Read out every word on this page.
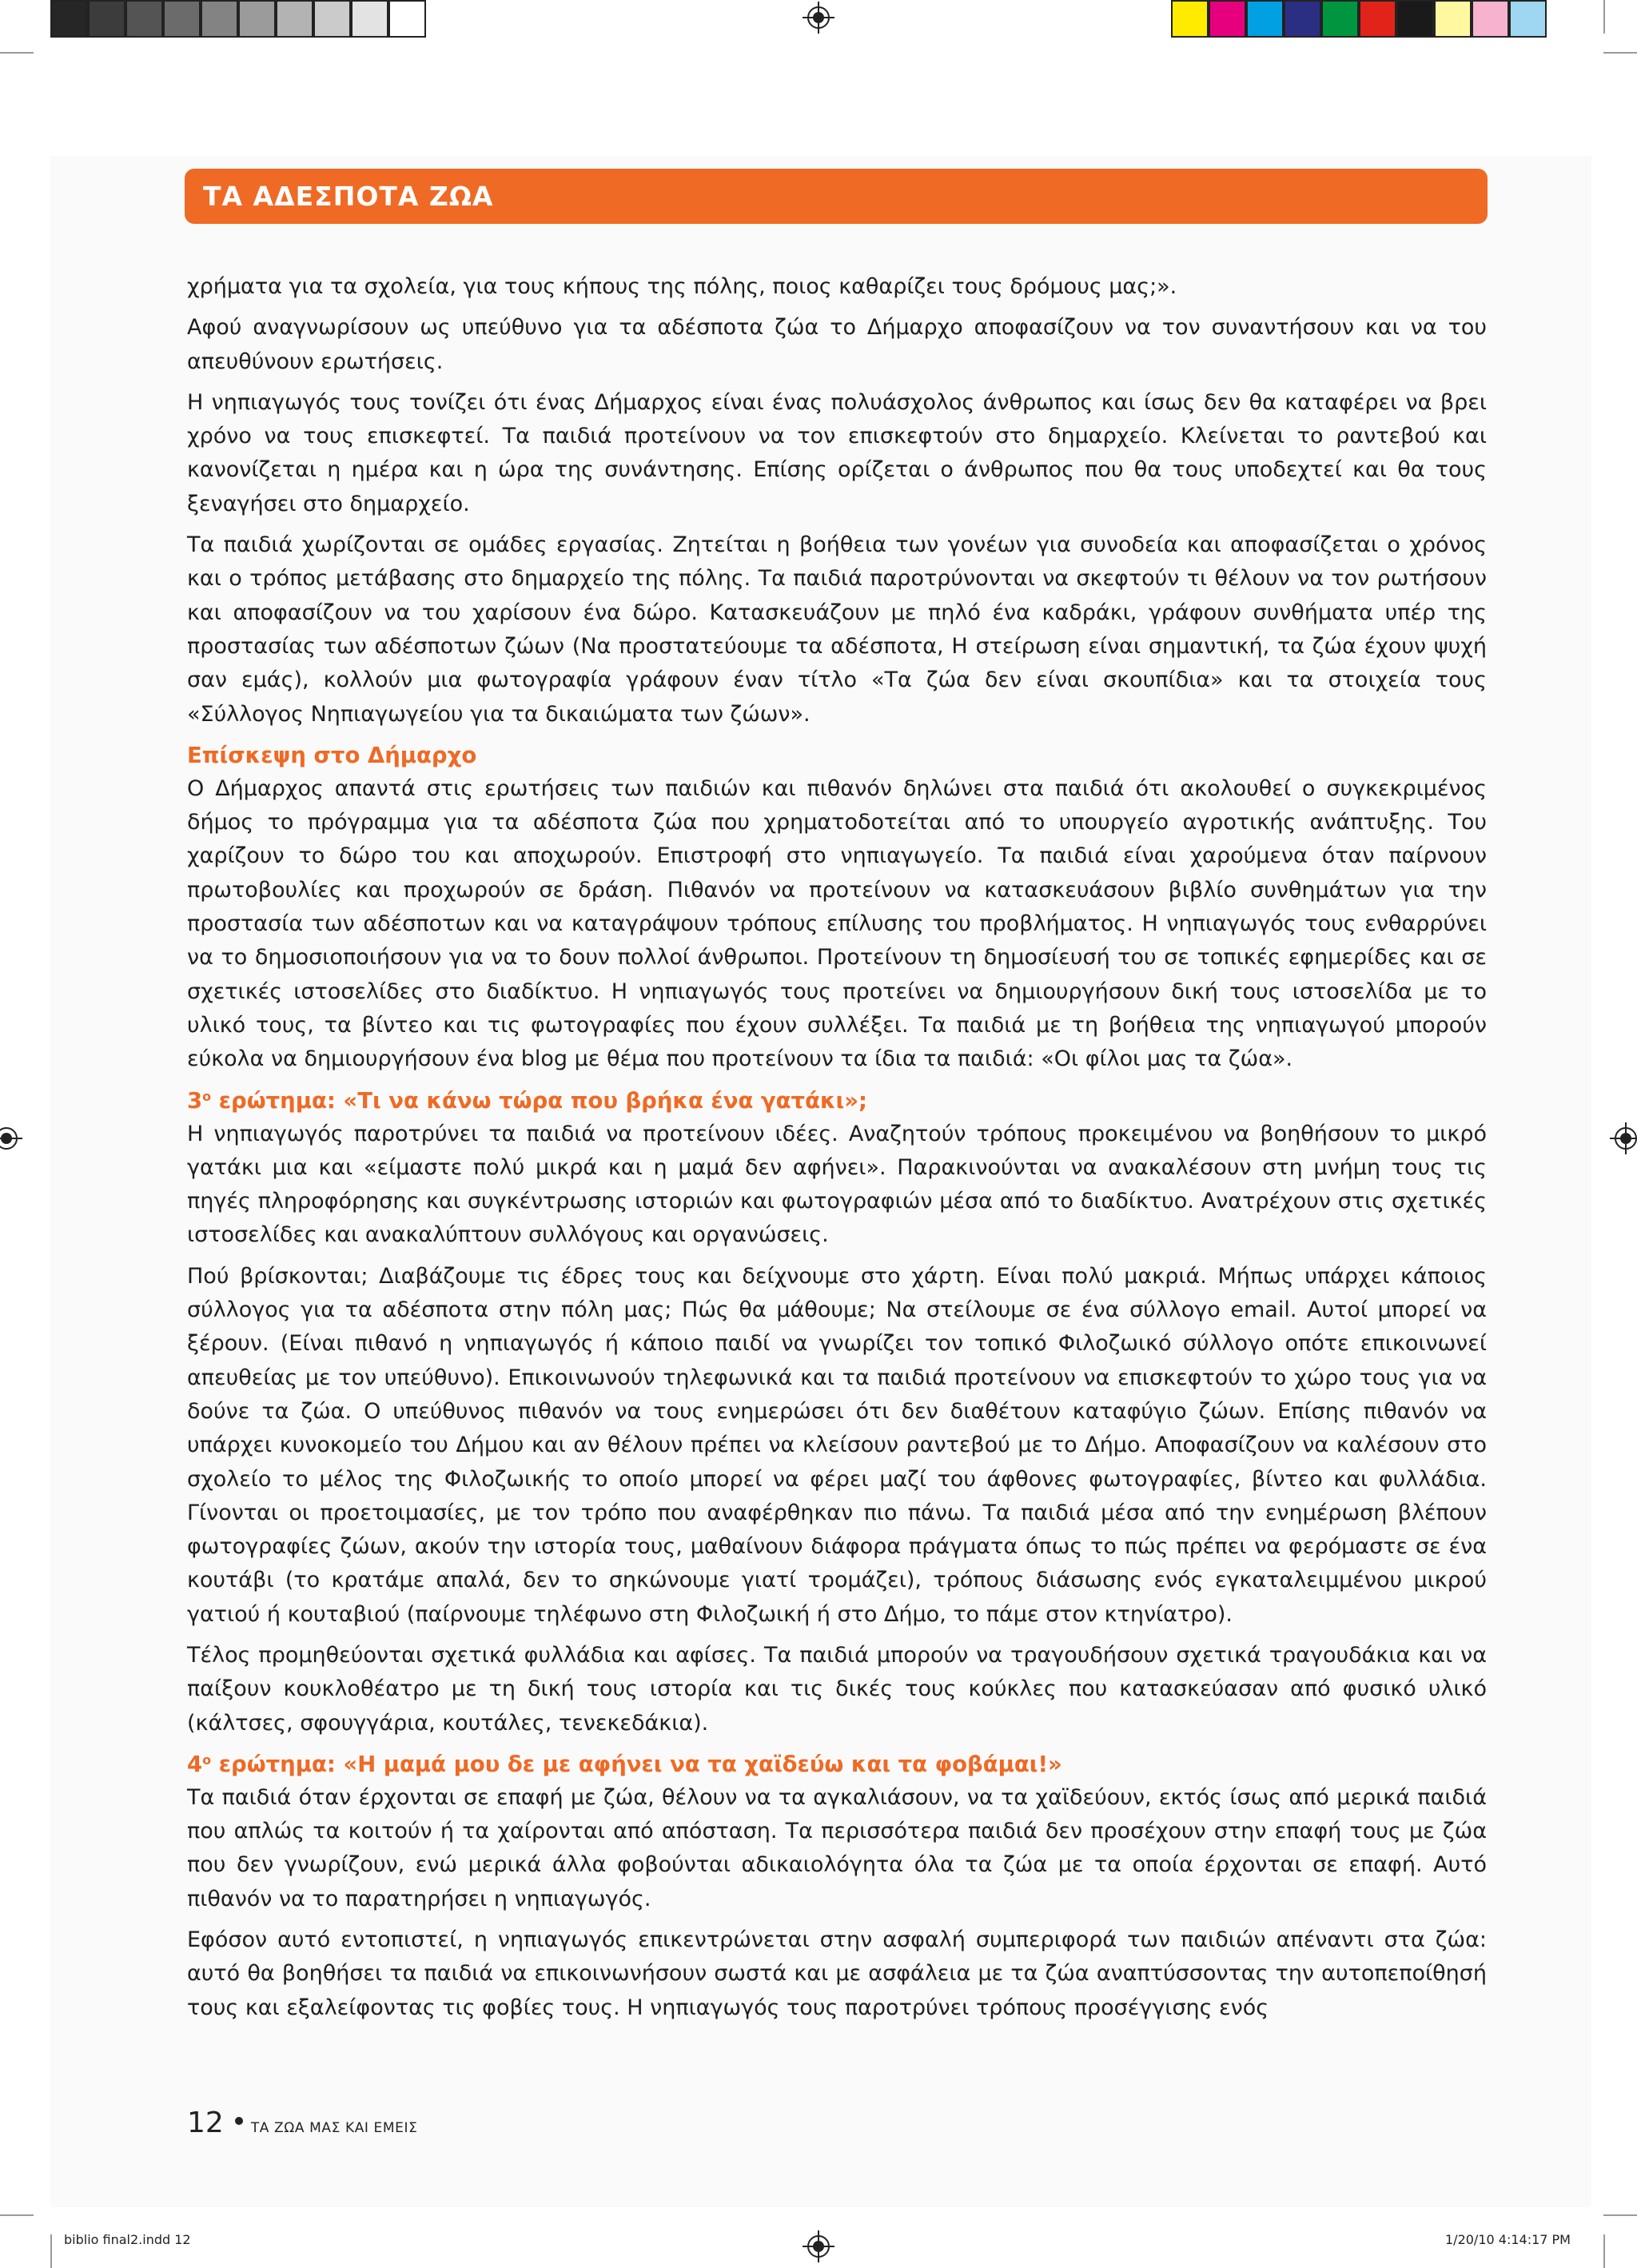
ΤΑ ΑΔΕΣΠΟΤΑ ΖΩΑ

χρήματα για τα σχολεία, για τους κήπους της πόλης, ποιος καθαρίζει τους δρόμους μας;».

Αφού αναγνωρίσουν ως υπεύθυνο για τα αδέσποτα ζώα το Δήμαρχο αποφασίζουν να τον συναντήσουν και να του απευθύνουν ερωτήσεις.

Η νηπιαγωγός τους τονίζει ότι ένας Δήμαρχος είναι ένας πολυάσχολος άνθρωπος και ίσως δεν θα καταφέρει να βρει χρόνο να τους επισκεφτεί. Τα παιδιά προτείνουν να τον επισκεφτούν στο δημαρχείο. Κλείνεται το ραντεβού και κανονίζεται η ημέρα και η ώρα της συνάντησης. Επίσης ορίζεται ο άνθρωπος που θα τους υποδεχτεί και θα τους ξεναγήσει στο δημαρχείο.

Τα παιδιά χωρίζονται σε ομάδες εργασίας. Ζητείται η βοήθεια των γονέων για συνοδεία και αποφασίζεται ο χρόνος και ο τρόπος μετάβασης στο δημαρχείο της πόλης. Τα παιδιά παροτρύνονται να σκεφτούν τι θέλουν να τον ρωτήσουν και αποφασίζουν να του χαρίσουν ένα δώρο. Κατασκευάζουν με πηλό ένα καδράκι, γράφουν συνθήματα υπέρ της προστασίας των αδέσποτων ζώων (Να προστατεύουμε τα αδέσποτα, Η στείρωση είναι σημαντική, τα ζώα έχουν ψυχή σαν εμάς), κολλούν μια φωτογραφία γράφουν έναν τίτλο «Τα ζώα δεν είναι σκουπίδια» και τα στοιχεία τους «Σύλλογος Νηπιαγωγείου για τα δικαιώματα των ζώων».

Επίσκεψη στο Δήμαρχο

Ο Δήμαρχος απαντά στις ερωτήσεις των παιδιών και πιθανόν δηλώνει στα παιδιά ότι ακολουθεί ο συγκεκριμένος δήμος το πρόγραμμα για τα αδέσποτα ζώα που χρηματοδοτείται από το υπουργείο αγροτικής ανάπτυξης. Του χαρίζουν το δώρο του και αποχωρούν. Επιστροφή στο νηπιαγωγείο. Τα παιδιά είναι χαρούμενα όταν παίρνουν πρωτοβουλίες και προχωρούν σε δράση. Πιθανόν να προτείνουν να κατασκευάσουν βιβλίο συνθημάτων για την προστασία των αδέσποτων και να καταγράψουν τρόπους επίλυσης του προβλήματος. Η νηπιαγωγός τους ενθαρρύνει να το δημοσιοποιήσουν για να το δουν πολλοί άνθρωποι. Προτείνουν τη δημοσίευσή του σε τοπικές εφημερίδες και σε σχετικές ιστοσελίδες στο διαδίκτυο. Η νηπιαγωγός τους προτείνει να δημιουργήσουν δική τους ιστοσελίδα με το υλικό τους, τα βίντεο και τις φωτογραφίες που έχουν συλλέξει. Τα παιδιά με τη βοήθεια της νηπιαγωγού μπορούν εύκολα να δημιουργήσουν ένα blog με θέμα που προτείνουν τα ίδια τα παιδιά: «Οι φίλοι μας τα ζώα».

$3^o$ ερώτημα: «Τι να κάνω τώρα που βρήκα ένα γατάκι»;

Η νηπιαγωγός παροτρύνει τα παιδιά να προτείνουν ιδέες. Αναζητούν τρόπους προκειμένου να βοηθήσουν το μικρό γατάκι μια και «είμαστε πολύ μικρά και η μαμά δεν αφήνει». Παρακινούνται να ανακαλέσουν στη μνήμη τους τις πηγές πληροφόρησης και συγκέντρωσης ιστοριών και φωτογραφιών μέσα από το διαδίκτυο. Ανατρέχουν στις σχετικές ιστοσελίδες και ανακαλύπτουν συλλόγους και οργανώσεις.

Πού βρίσκονται; Διαβάζουμε τις έδρες τους και δείχνουμε στο χάρτη. Είναι πολύ μακριά. Μήπως υπάρχει κάποιος σύλλογος για τα αδέσποτα στην πόλη μας; Πώς θα μάθουμε; Να στείλουμε σε ένα σύλλογο email. Αυτοί μπορεί να ξέρουν. (Είναι πιθανό η νηπιαγωγός ή κάποιο παιδί να γνωρίζει τον τοπικό Φιλοζωικό σύλλογο οπότε επικοινωνεί απευθείας με τον υπεύθυνο). Επικοινωνούν τηλεφωνικά και τα παιδιά προτείνουν να επισκεφτούν το χώρο τους για να δούνε τα ζώα. Ο υπεύθυνος πιθανόν να τους ενημερώσει ότι δεν διαθέτουν καταφύγιο ζώων. Επίσης πιθανόν να υπάρχει κυνοκομείο του Δήμου και αν θέλουν πρέπει να κλείσουν ραντεβού με το Δήμο. Αποφασίζουν να καλέσουν στο σχολείο το μέλος της Φιλοζωικής το οποίο μπορεί να φέρει μαζί του άφθονες φωτογραφίες, βίντεο και φυλλάδια. Γίνονται οι προετοιμασίες, με τον τρόπο που αναφέρθηκαν πιο πάνω. Τα παιδιά μέσα από την ενημέρωση βλέπουν φωτογραφίες ζώων, ακούν την ιστορία τους, μαθαίνουν διάφορα πράγματα όπως το πώς πρέπει να φερόμαστε σε ένα κουτάβι (το κρατάμε απαλά, δεν το σηκώνουμε γιατί τρομάζει), τρόπους διάσωσης ενός εγκαταλειμμένου μικρού γατιού ή κουταβιού (παίρνουμε τηλέφωνο στη Φιλοζωική ή στο Δήμο, το πάμε στον κτηνίατρο).

Τέλος προμηθεύονται σχετικά φυλλάδια και αφίσες. Τα παιδιά μπορούν να τραγουδήσουν σχετικά τραγουδάκια και να παίξουν κουκλοθέατρο με τη δική τους ιστορία και τις δικές τους κούκλες που κατασκεύασαν από φυσικό υλικό (κάλτσες, σφουγγάρια, κουτάλες, τενεκεδάκια).

$4^o$ ερώτημα: «Η μαμά μου δε με αφήνει να τα χαϊδεύω και τα φοβάμαι!»

Τα παιδιά όταν έρχονται σε επαφή με ζώα, θέλουν να τα αγκαλιάσουν, να τα χαϊδεύουν, εκτός ίσως από μερικά παιδιά που απλώς τα κοιτούν ή τα χαίρονται από απόσταση. Τα περισσότερα παιδιά δεν προσέχουν στην επαφή τους με ζώα που δεν γνωρίζουν, ενώ μερικά άλλα φοβούνται αδικαιολόγητα όλα τα ζώα με τα οποία έρχονται σε επαφή. Αυτό πιθανόν να το παρατηρήσει η νηπιαγωγός.

Εφόσον αυτό εντοπιστεί, η νηπιαγωγός επικεντρώνεται στην ασφαλή συμπεριφορά των παιδιών απέναντι στα ζώα: αυτό θα βοηθήσει τα παιδιά να επικοινωνήσουν σωστά και με ασφάλεια με τα ζώα αναπτύσσοντας την αυτοπεποίθησή τους και εξαλείφοντας τις φοβίες τους. Η νηπιαγωγός τους παροτρύνει τρόπους προσέγγισης ενός

12 ΤΑ ΖΩΑ ΜΑΣ ΚΑΙ ΕΜΕΙΣ
biblio final2.indd 12	1/20/10 4:14:17 PM
